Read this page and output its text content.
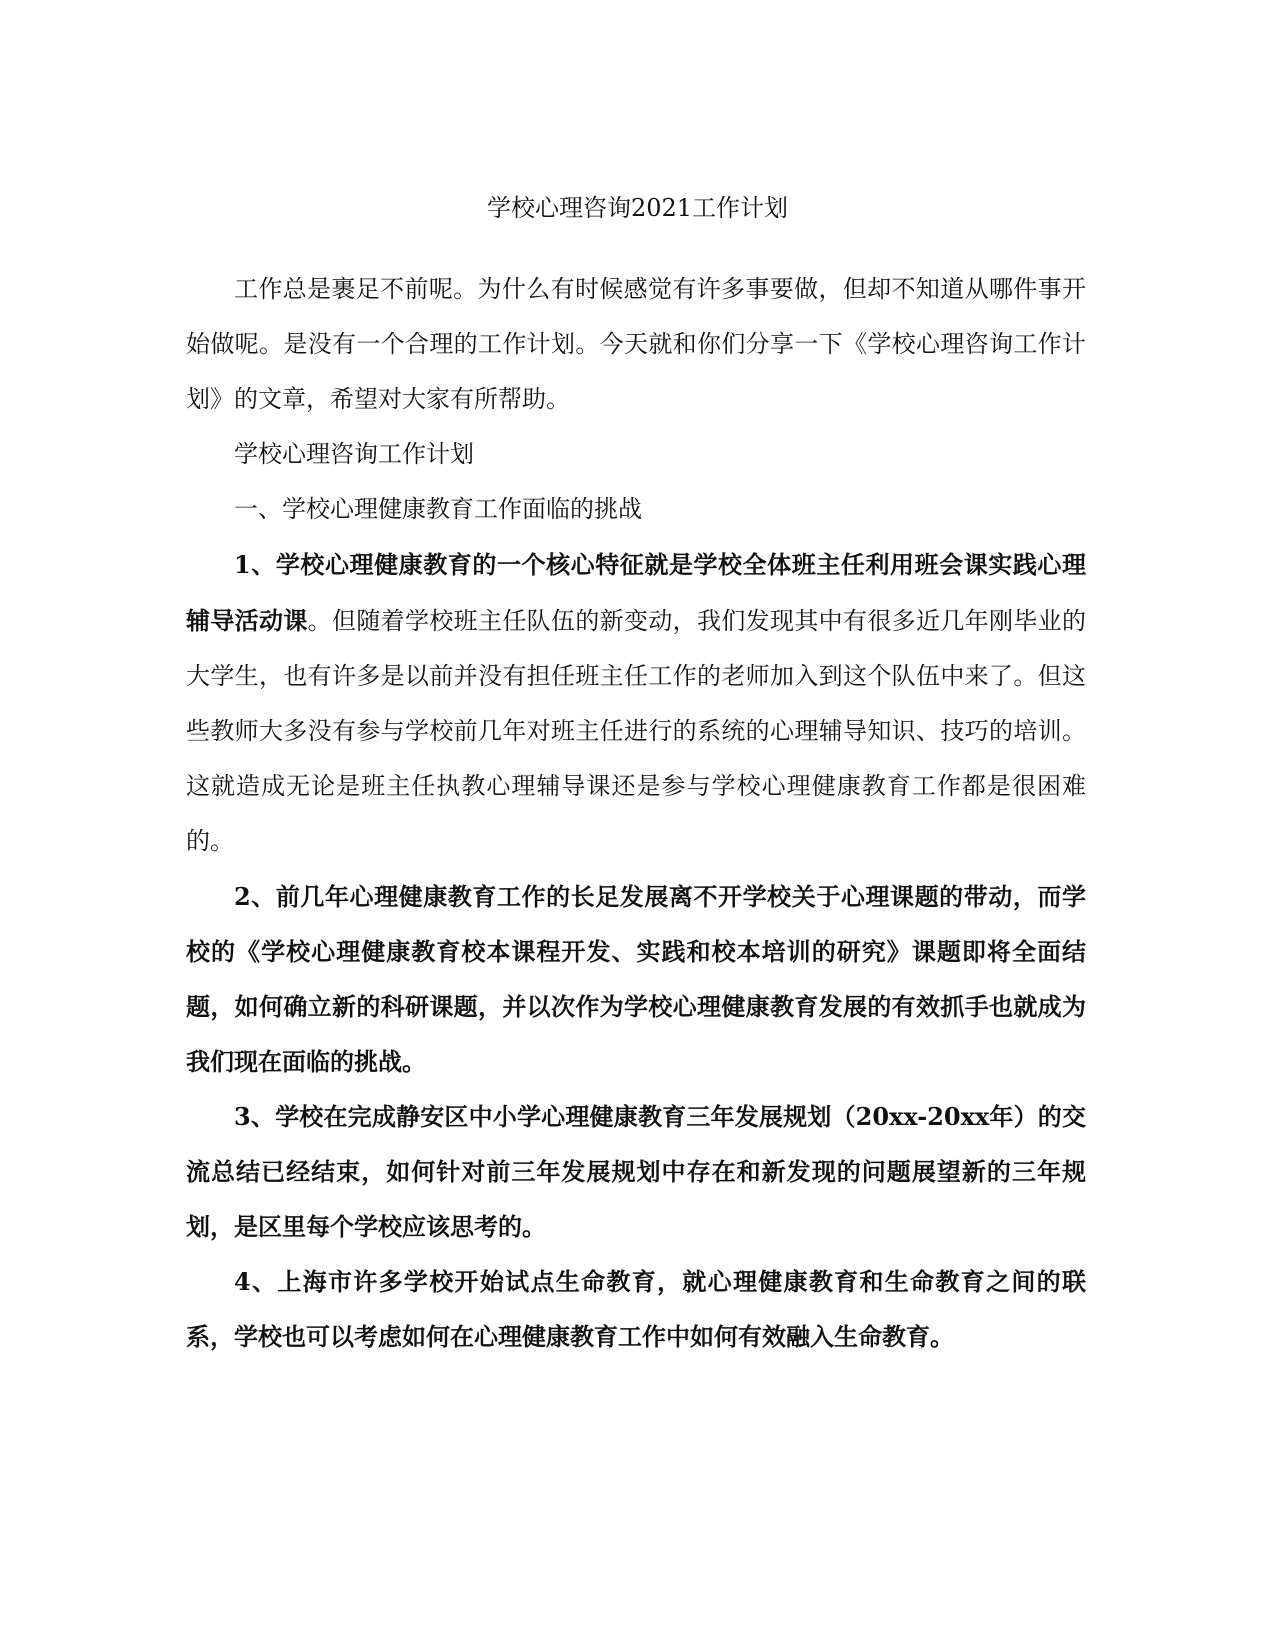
学校心理咨询2021工作计划

工作总是裹足不前呢。为什么有时候感觉有许多事要做，但却不知道从哪件事开始做呢。是没有一个合理的工作计划。今天就和你们分享一下《学校心理咨询工作计划》的文章，希望对大家有所帮助。

学校心理咨询工作计划

一、学校心理健康教育工作面临的挑战

1、学校心理健康教育的一个核心特征就是学校全体班主任利用班会课实践心理辅导活动课。但随着学校班主任队伍的新变动，我们发现其中有很多近几年刚毕业的大学生，也有许多是以前并没有担任班主任工作的老师加入到这个队伍中来了。但这些教师大多没有参与学校前几年对班主任进行的系统的心理辅导知识、技巧的培训。这就造成无论是班主任执教心理辅导课还是参与学校心理健康教育工作都是很困难的。

2、前几年心理健康教育工作的长足发展离不开学校关于心理课题的带动，而学校的《学校心理健康教育校本课程开发、实践和校本培训的研究》课题即将全面结题，如何确立新的科研课题，并以次作为学校心理健康教育发展的有效抓手也就成为我们现在面临的挑战。

3、学校在完成静安区中小学心理健康教育三年发展规划（20xx-20xx年）的交流总结已经结束，如何针对前三年发展规划中存在和新发现的问题展望新的三年规划，是区里每个学校应该思考的。

4、上海市许多学校开始试点生命教育，就心理健康教育和生命教育之间的联系，学校也可以考虑如何在心理健康教育工作中如何有效融入生命教育。
